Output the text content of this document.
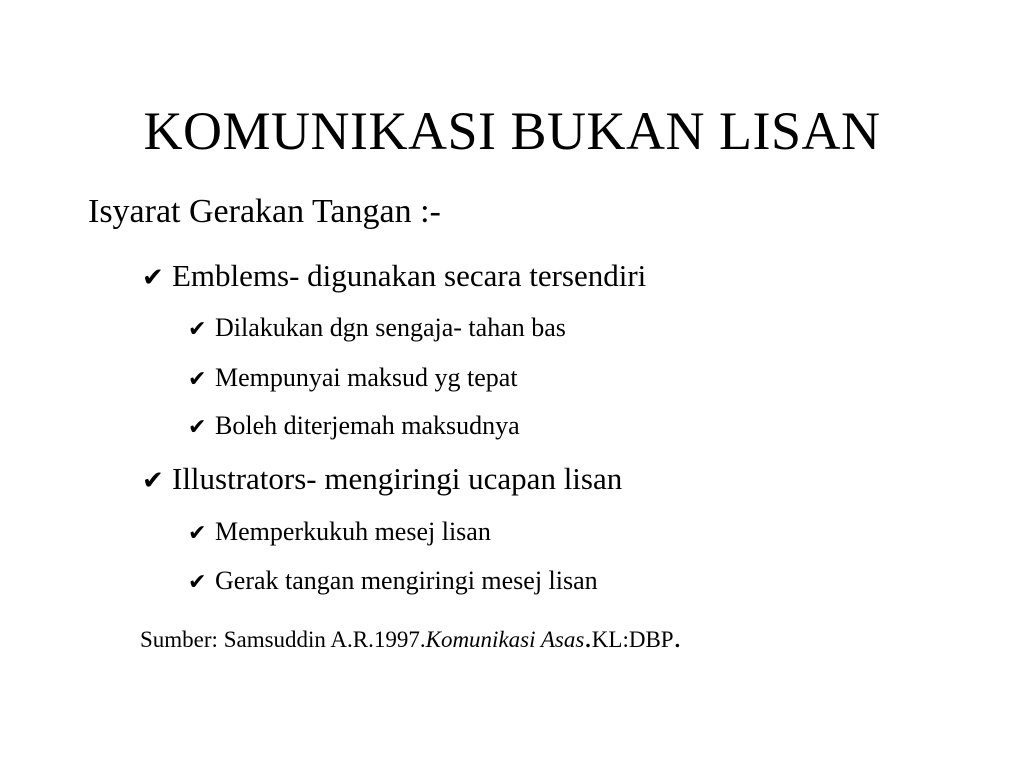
KOMUNIKASI BUKAN LISAN
Isyarat Gerakan Tangan :-
✔ Emblems- digunakan secara tersendiri
✔ Dilakukan dgn sengaja- tahan bas
✔ Mempunyai maksud yg tepat
✔ Boleh diterjemah maksudnya
✔ Illustrators- mengiringi ucapan lisan
✔ Memperkukuh mesej lisan
✔ Gerak tangan mengiringi mesej lisan
Sumber: Samsuddin A.R.1997.Komunikasi Asas.KL:DBP.
